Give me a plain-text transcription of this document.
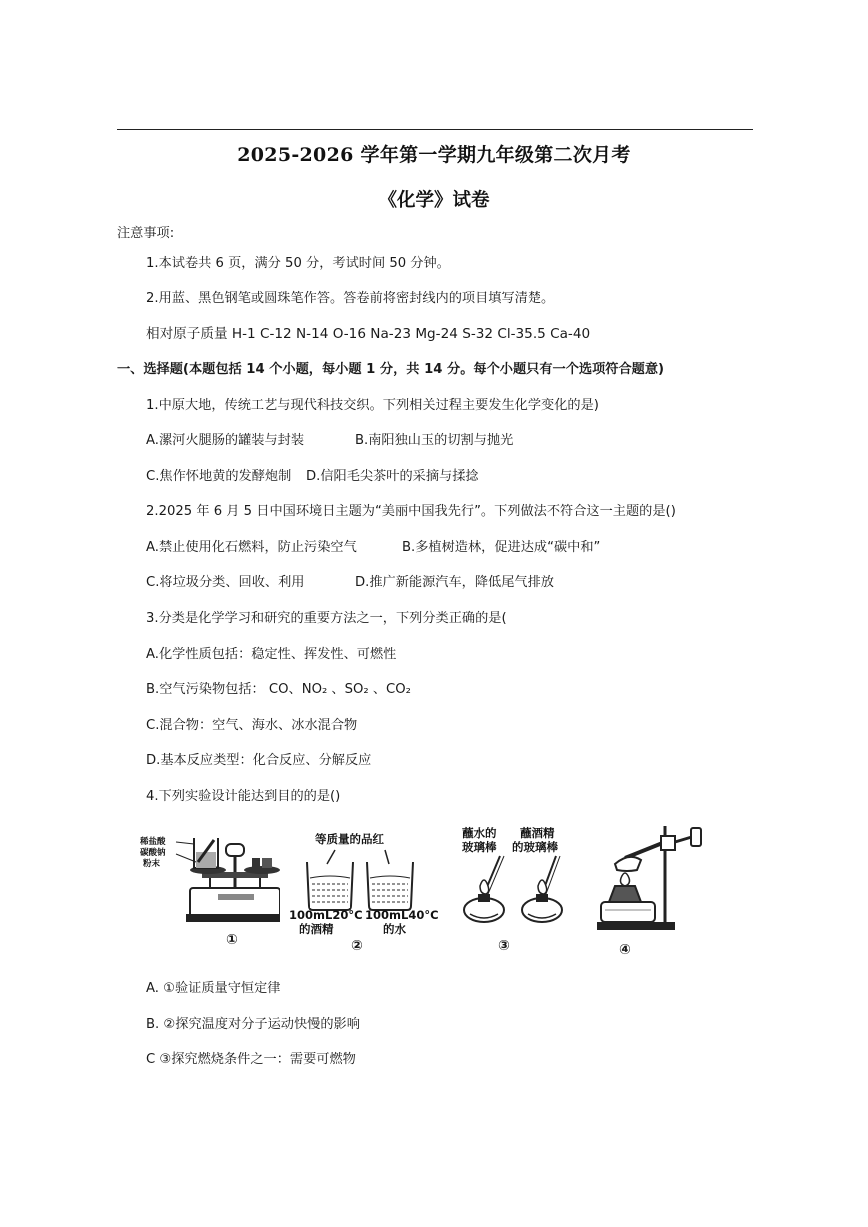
2025-2026 学年第一学期九年级第二次月考
《化学》试卷
注意事项:
1.本试卷共 6 页，满分 50 分，考试时间 50 分钟。
2.用蓝、黑色钢笔或圆珠笔作答。答卷前将密封线内的项目填写清楚。
相对原子质量 H-1 C-12 N-14 O-16 Na-23 Mg-24 S-32 Cl-35.5 Ca-40
一、选择题(本题包括 14 个小题，每小题 1 分，共 14 分。每个小题只有一个选项符合题意)
1.中原大地，传统工艺与现代科技交织。下列相关过程主要发生化学变化的是)
A.漯河火腿肠的罐装与封装	B.南阳独山玉的切割与抛光
C.焦作怀地黄的发酵炮制 D.信阳毛尖茶叶的采摘与揉捻
2.2025 年 6 月 5 日中国环境日主题为“美丽中国我先行”。下列做法不符合这一主题的是()
A.禁止使用化石燃料，防止污染空气	B.多植树造林，促进达成“碳中和”
C.将垃圾分类、回收、利用	D.推广新能源汽车，降低尾气排放
3.分类是化学学习和研究的重要方法之一，下列分类正确的是(
A.化学性质包括：稳定性、挥发性、可燃性
B.空气污染物包括： CO、NO₂ 、SO₂ 、CO₂
C.混合物：空气、海水、冰水混合物
D.基本反应类型：化合反应、分解反应
4.下列实验设计能达到目的的是()
稀盐酸
碳酸钠
粉末
①
等质量的品红
100mL20°C
的酒精
100mL40°C
的水
②
蘸水的
玻璃棒
蘸酒精
的玻璃棒
③	④
A. ①验证质量守恒定律
B. ②探究温度对分子运动快慢的影响
C ③探究燃烧条件之一：需要可燃物
